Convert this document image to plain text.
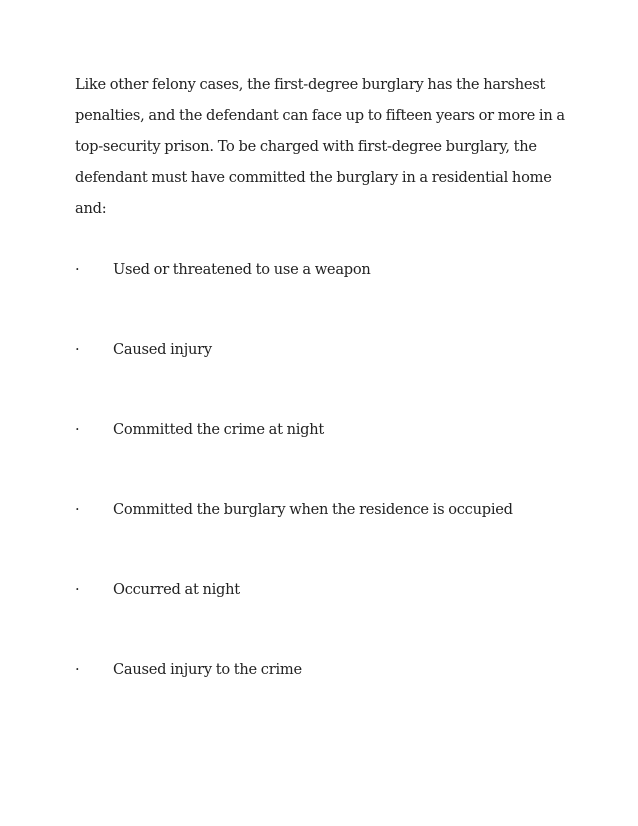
Like other felony cases, the first-degree burglary has the harshest
penalties, and the defendant can face up to fifteen years or more in a
top-security prison. To be charged with first-degree burglary, the
defendant must have committed the burglary in a residential home
and:

·	Used or threatened to use a weapon
·	Caused injury
·	Committed the crime at night
·	Committed the burglary when the residence is occupied
·	Occurred at night
·	Caused injury to the crime
